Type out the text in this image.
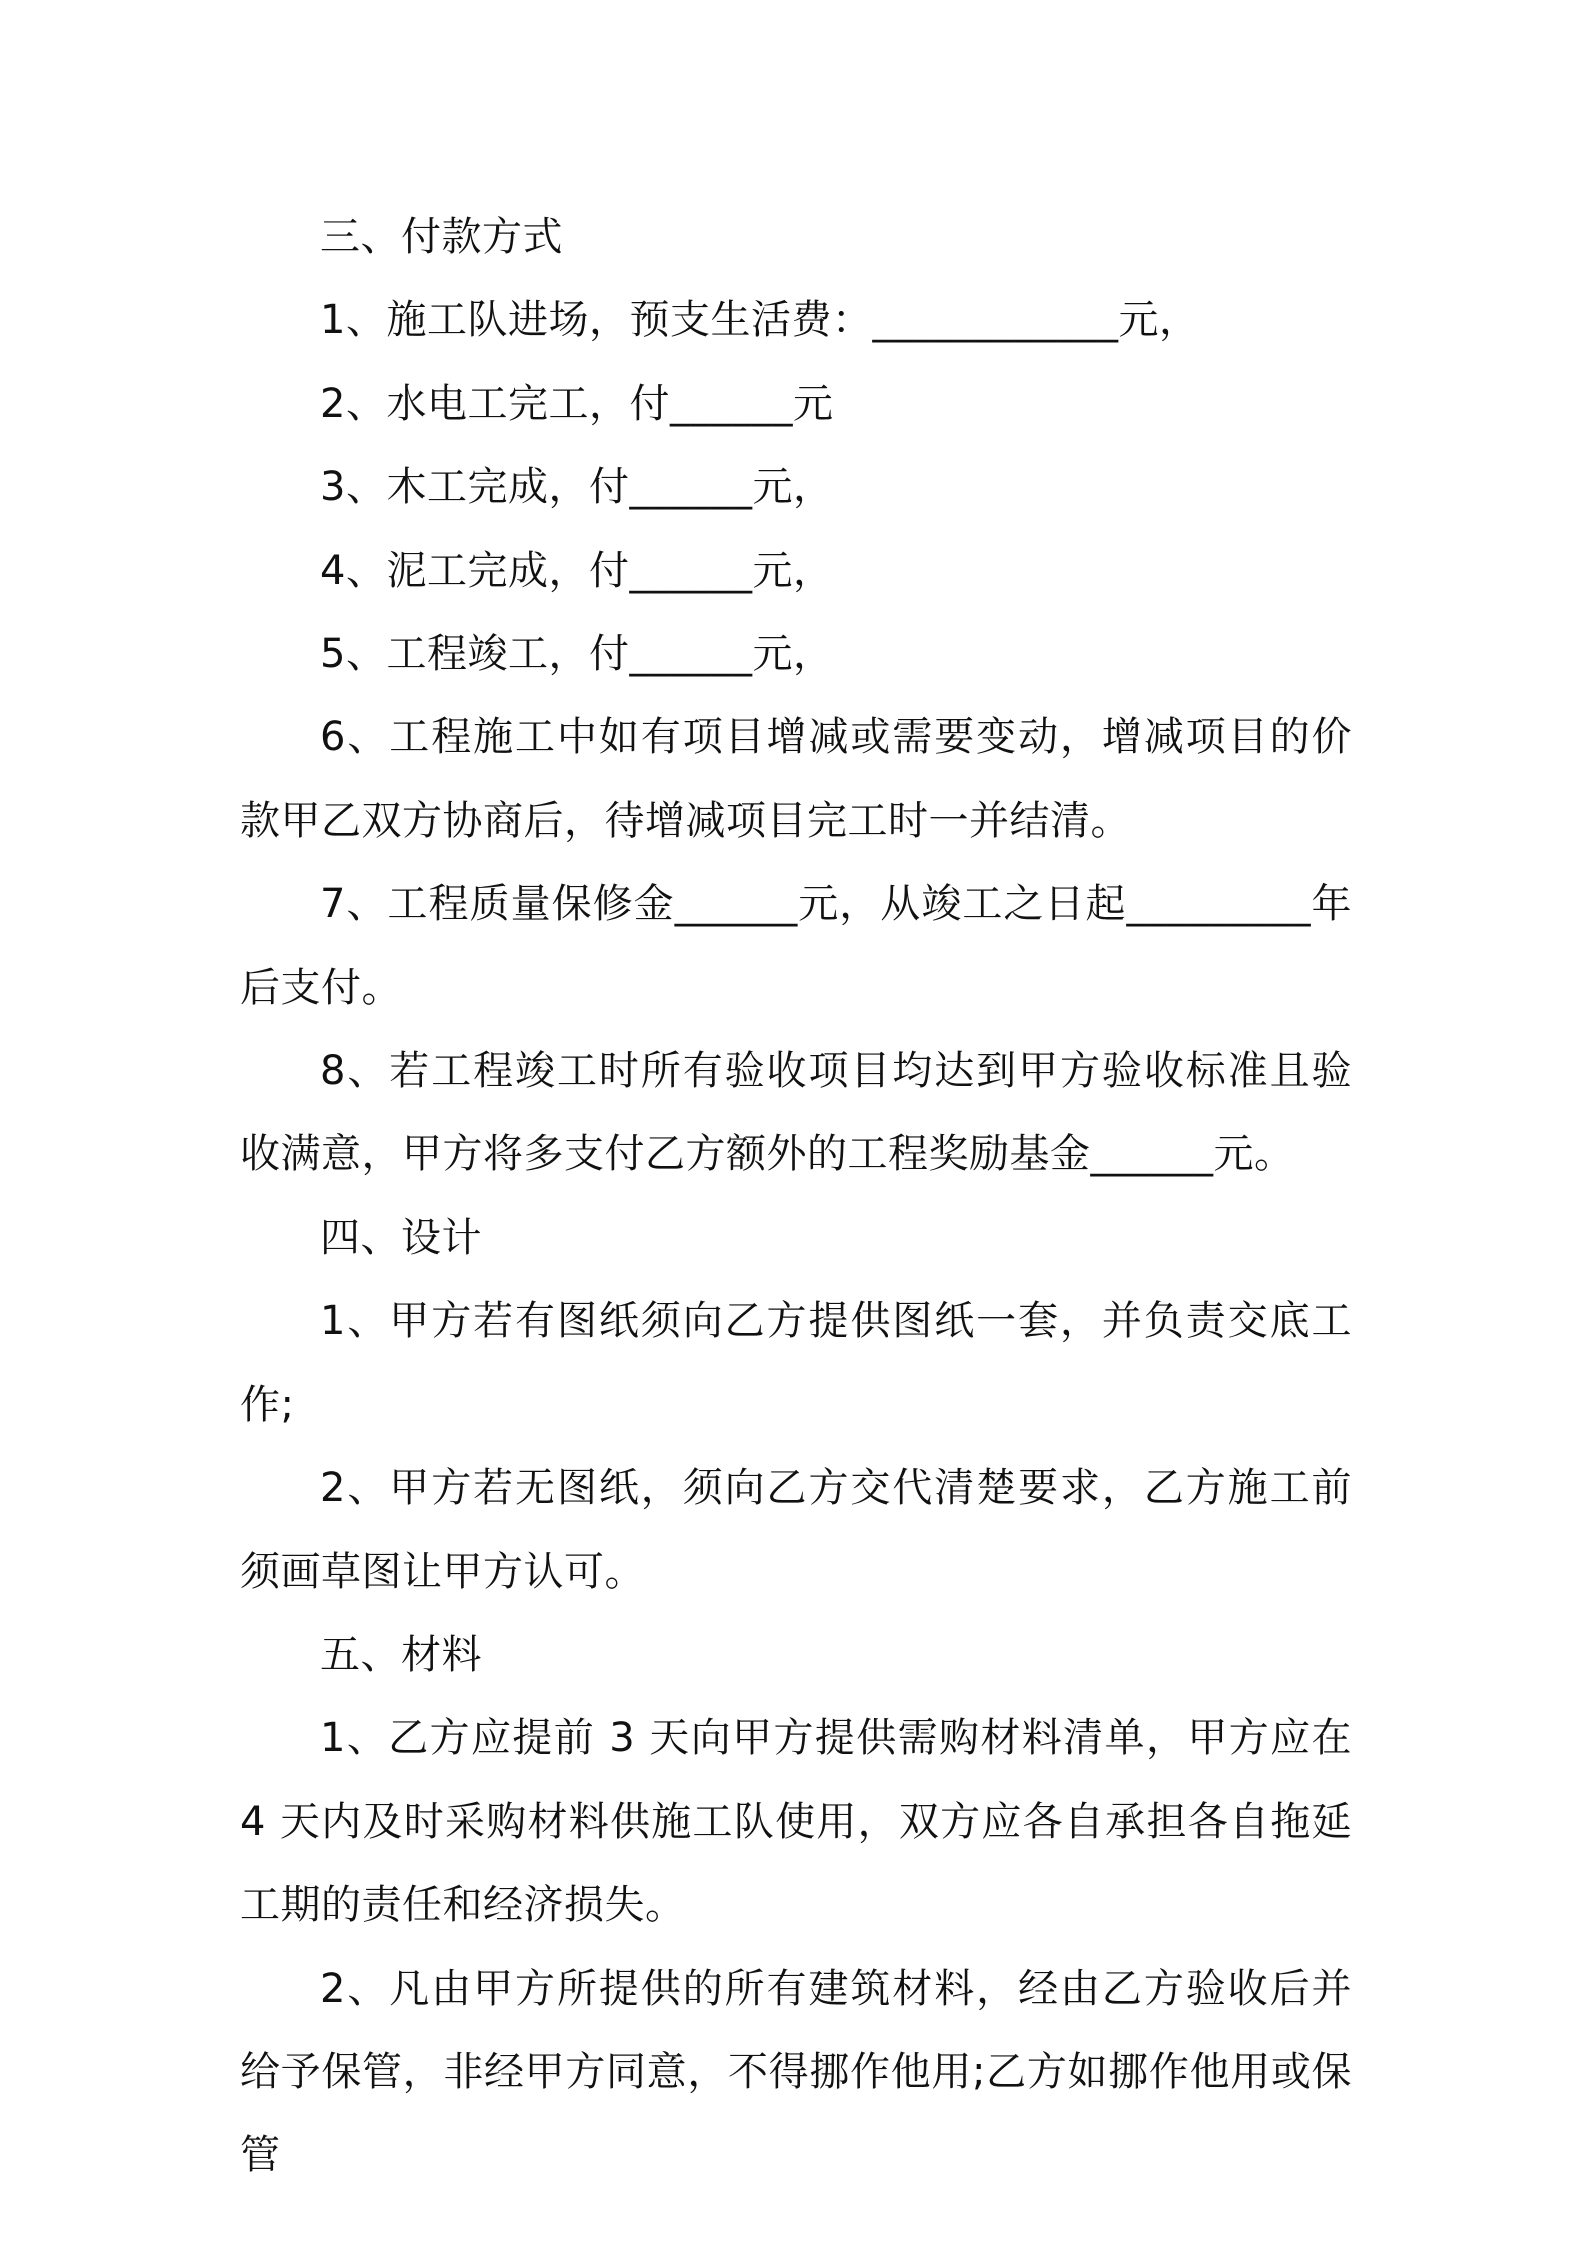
三、付款方式

1、施工队进场，预支生活费：____________元，

2、水电工完工，付______元

3、木工完成，付______元，

4、泥工完成，付______元，

5、工程竣工，付______元，

6、工程施工中如有项目增减或需要变动，增减项目的价款甲乙双方协商后，待增减项目完工时一并结清。

7、工程质量保修金______元，从竣工之日起_________年后支付。

8、若工程竣工时所有验收项目均达到甲方验收标准且验收满意，甲方将多支付乙方额外的工程奖励基金______元。

四、设计

1、甲方若有图纸须向乙方提供图纸一套，并负责交底工作;

2、甲方若无图纸，须向乙方交代清楚要求，乙方施工前须画草图让甲方认可。

五、材料

1、乙方应提前 3 天向甲方提供需购材料清单，甲方应在 4 天内及时采购材料供施工队使用，双方应各自承担各自拖延工期的责任和经济损失。

2、凡由甲方所提供的所有建筑材料，经由乙方验收后并给予保管，非经甲方同意，不得挪作他用;乙方如挪作他用或保管
